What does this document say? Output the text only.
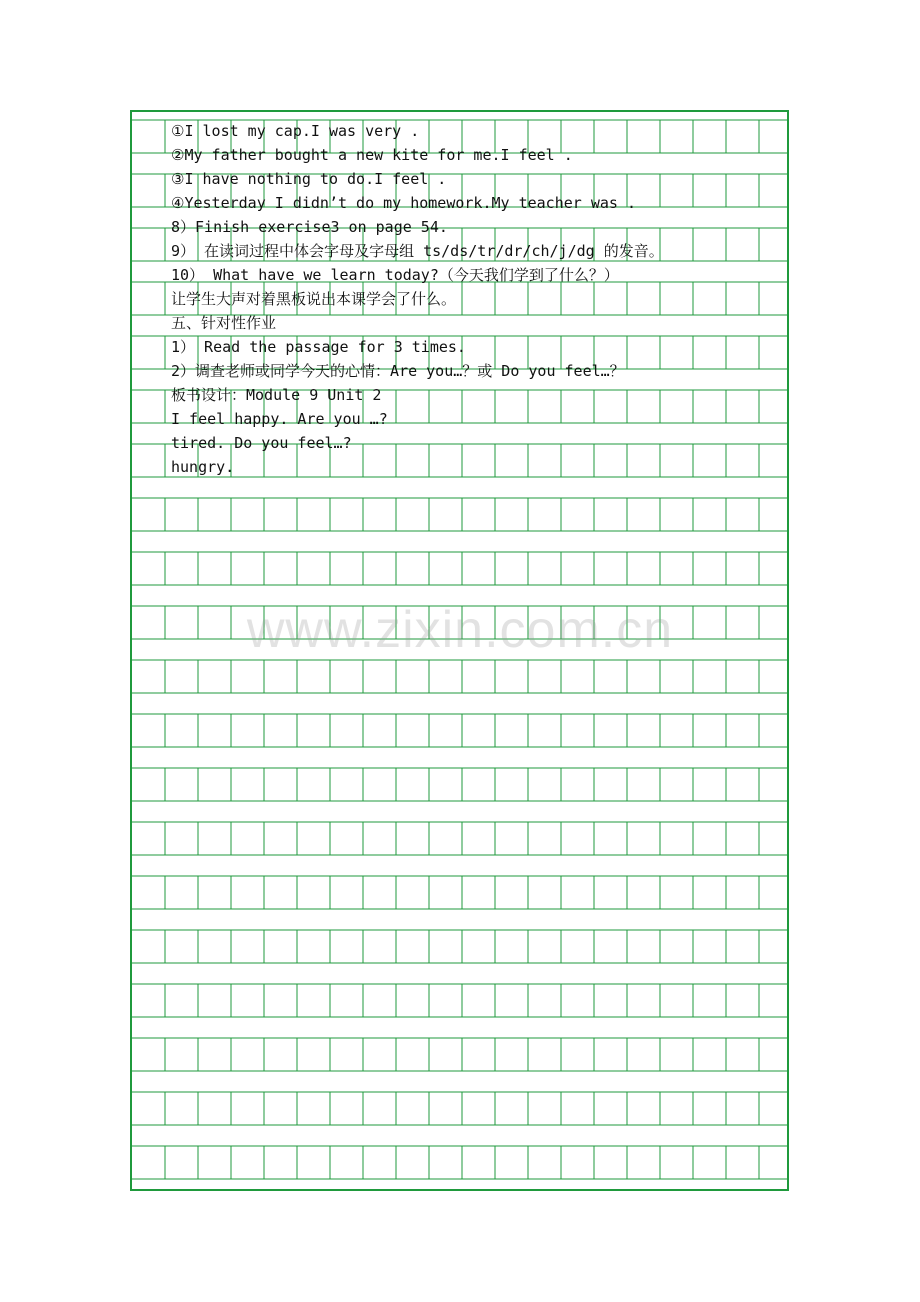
①I lost my cap.I was very .
②My father bought a new kite for me.I feel .
③I have nothing to do.I feel .
④Yesterday I didn’t do my homework.My teacher was .
8）Finish exercise3 on page 54.
9） 在读词过程中体会字母及字母组 ts/ds/tr/dr/ch/j/dg 的发音。
10） What have we learn today?（今天我们学到了什么？）
让学生大声对着黑板说出本课学会了什么。
五、针对性作业
1） Read the passage for 3 times.
2）调查老师或同学今天的心情：Are you…？或 Do you feel…？
板书设计：Module 9 Unit 2
I feel happy. Are you …?
tired. Do you feel…?
hungry.
www.zixin.com.cn
